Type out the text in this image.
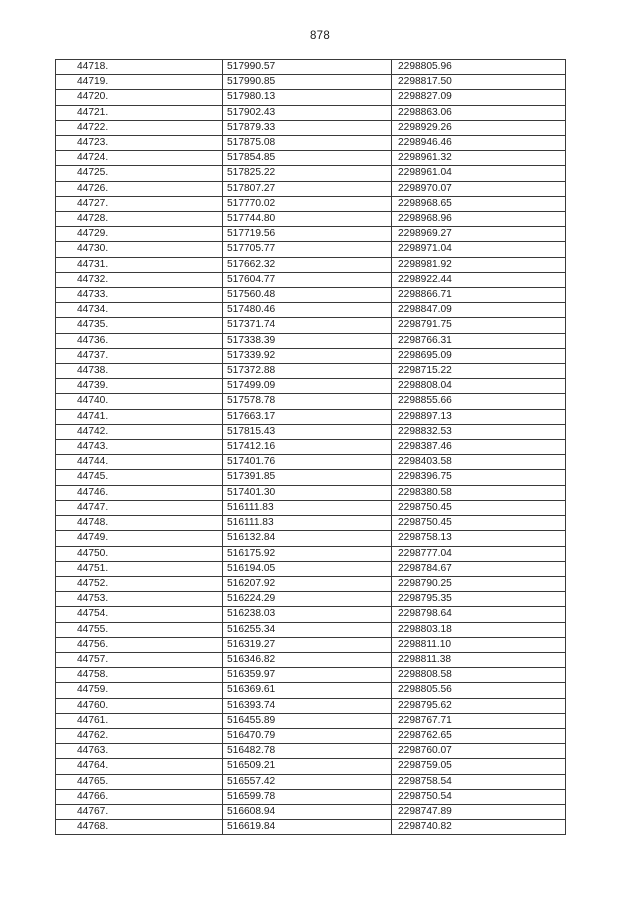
878
44718.	517990.57	2298805.96
44719.	517990.85	2298817.50
44720.	517980.13	2298827.09
44721.	517902.43	2298863.06
44722.	517879.33	2298929.26
44723.	517875.08	2298946.46
44724.	517854.85	2298961.32
44725.	517825.22	2298961.04
44726.	517807.27	2298970.07
44727.	517770.02	2298968.65
44728.	517744.80	2298968.96
44729.	517719.56	2298969.27
44730.	517705.77	2298971.04
44731.	517662.32	2298981.92
44732.	517604.77	2298922.44
44733.	517560.48	2298866.71
44734.	517480.46	2298847.09
44735.	517371.74	2298791.75
44736.	517338.39	2298766.31
44737.	517339.92	2298695.09
44738.	517372.88	2298715.22
44739.	517499.09	2298808.04
44740.	517578.78	2298855.66
44741.	517663.17	2298897.13
44742.	517815.43	2298832.53
44743.	517412.16	2298387.46
44744.	517401.76	2298403.58
44745.	517391.85	2298396.75
44746.	517401.30	2298380.58
44747.	516111.83	2298750.45
44748.	516111.83	2298750.45
44749.	516132.84	2298758.13
44750.	516175.92	2298777.04
44751.	516194.05	2298784.67
44752.	516207.92	2298790.25
44753.	516224.29	2298795.35
44754.	516238.03	2298798.64
44755.	516255.34	2298803.18
44756.	516319.27	2298811.10
44757.	516346.82	2298811.38
44758.	516359.97	2298808.58
44759.	516369.61	2298805.56
44760.	516393.74	2298795.62
44761.	516455.89	2298767.71
44762.	516470.79	2298762.65
44763.	516482.78	2298760.07
44764.	516509.21	2298759.05
44765.	516557.42	2298758.54
44766.	516599.78	2298750.54
44767.	516608.94	2298747.89
44768.	516619.84	2298740.82
